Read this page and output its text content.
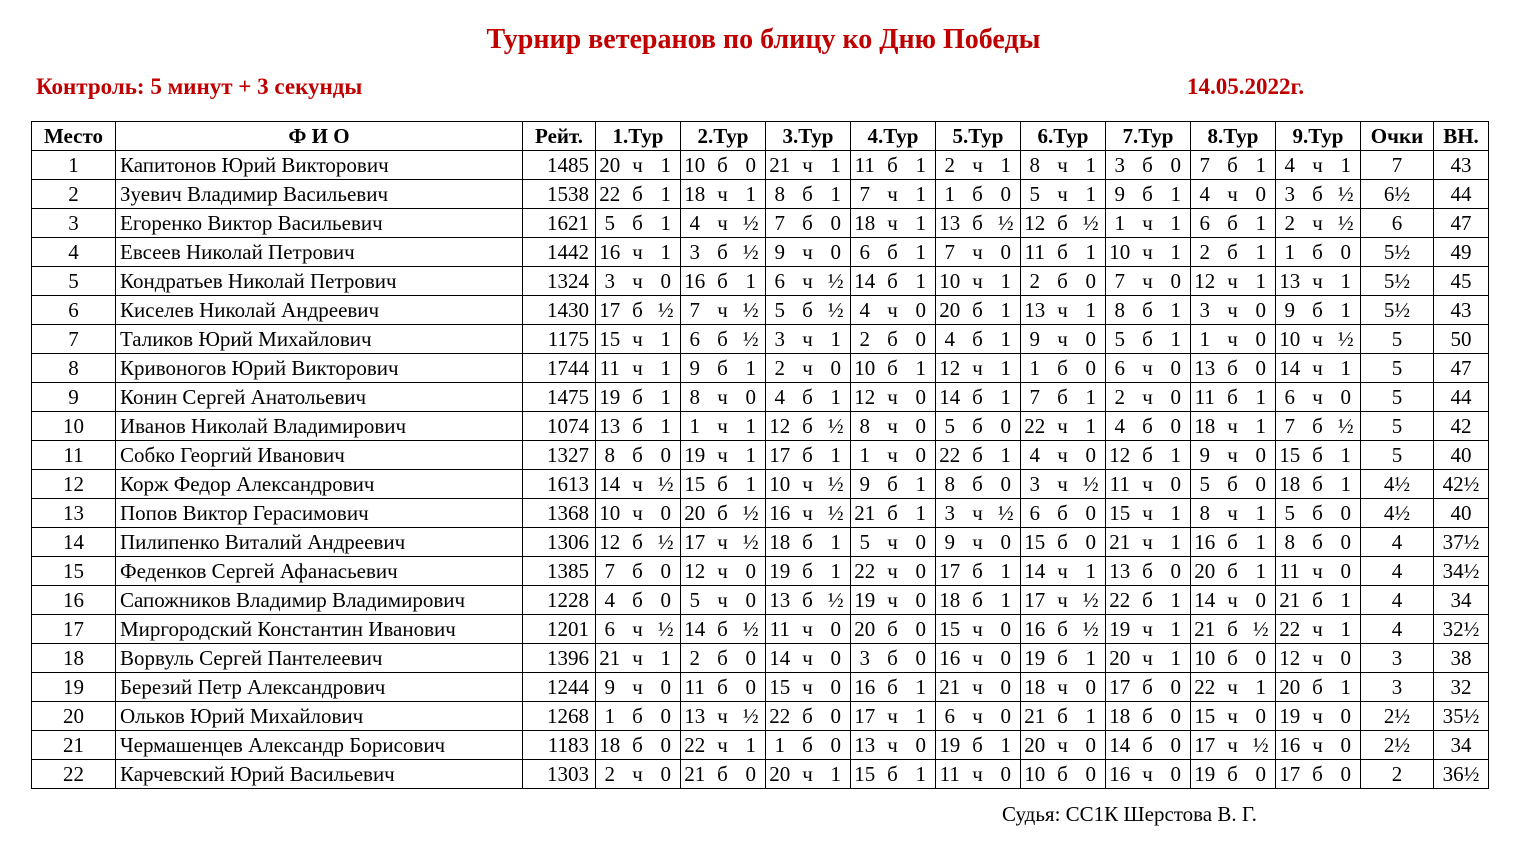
Турнир ветеранов по блицу ко Дню Победы
Контроль: 5 минут + 3 секунды	14.05.2022г.
Место	Ф И О	Рейт.	1.Тур			2.Тур			3.Тур			4.Тур			5.Тур			6.Тур			7.Тур			8.Тур			9.Тур			Очки	ВН.
1	Капитонов Юрий Викторович	1485	20	ч	1	10	б	0	21	ч	1	11	б	1	2	ч	1	8	ч	1	3	б	0	7	б	1	4	ч	1	7	43
2	Зуевич Владимир Васильевич	1538	22	б	1	18	ч	1	8	б	1	7	ч	1	1	б	0	5	ч	1	9	б	1	4	ч	0	3	б	½	6½	44
3	Егоренко Виктор Васильевич	1621	5	б	1	4	ч	½	7	б	0	18	ч	1	13	б	½	12	б	½	1	ч	1	6	б	1	2	ч	½	6	47
4	Евсеев Николай Петрович	1442	16	ч	1	3	б	½	9	ч	0	6	б	1	7	ч	0	11	б	1	10	ч	1	2	б	1	1	б	0	5½	49
5	Кондратьев Николай Петрович	1324	3	ч	0	16	б	1	6	ч	½	14	б	1	10	ч	1	2	б	0	7	ч	0	12	ч	1	13	ч	1	5½	45
6	Киселев Николай Андреевич	1430	17	б	½	7	ч	½	5	б	½	4	ч	0	20	б	1	13	ч	1	8	б	1	3	ч	0	9	б	1	5½	43
7	Таликов Юрий Михайлович	1175	15	ч	1	6	б	½	3	ч	1	2	б	0	4	б	1	9	ч	0	5	б	1	1	ч	0	10	ч	½	5	50
8	Кривоногов Юрий Викторович	1744	11	ч	1	9	б	1	2	ч	0	10	б	1	12	ч	1	1	б	0	6	ч	0	13	б	0	14	ч	1	5	47
9	Конин Сергей Анатольевич	1475	19	б	1	8	ч	0	4	б	1	12	ч	0	14	б	1	7	б	1	2	ч	0	11	б	1	6	ч	0	5	44
10	Иванов Николай Владимирович	1074	13	б	1	1	ч	1	12	б	½	8	ч	0	5	б	0	22	ч	1	4	б	0	18	ч	1	7	б	½	5	42
11	Собко Георгий Иванович	1327	8	б	0	19	ч	1	17	б	1	1	ч	0	22	б	1	4	ч	0	12	б	1	9	ч	0	15	б	1	5	40
12	Корж Федор Александрович	1613	14	ч	½	15	б	1	10	ч	½	9	б	1	8	б	0	3	ч	½	11	ч	0	5	б	0	18	б	1	4½	42½
13	Попов Виктор Герасимович	1368	10	ч	0	20	б	½	16	ч	½	21	б	1	3	ч	½	6	б	0	15	ч	1	8	ч	1	5	б	0	4½	40
14	Пилипенко Виталий Андреевич	1306	12	б	½	17	ч	½	18	б	1	5	ч	0	9	ч	0	15	б	0	21	ч	1	16	б	1	8	б	0	4	37½
15	Феденков Сергей Афанасьевич	1385	7	б	0	12	ч	0	19	б	1	22	ч	0	17	б	1	14	ч	1	13	б	0	20	б	1	11	ч	0	4	34½
16	Сапожников Владимир Владимирович	1228	4	б	0	5	ч	0	13	б	½	19	ч	0	18	б	1	17	ч	½	22	б	1	14	ч	0	21	б	1	4	34
17	Миргородский Константин Иванович	1201	6	ч	½	14	б	½	11	ч	0	20	б	0	15	ч	0	16	б	½	19	ч	1	21	б	½	22	ч	1	4	32½
18	Ворвуль Сергей Пантелеевич	1396	21	ч	1	2	б	0	14	ч	0	3	б	0	16	ч	0	19	б	1	20	ч	1	10	б	0	12	ч	0	3	38
19	Березий Петр Александрович	1244	9	ч	0	11	б	0	15	ч	0	16	б	1	21	ч	0	18	ч	0	17	б	0	22	ч	1	20	б	1	3	32
20	Ольков Юрий Михайлович	1268	1	б	0	13	ч	½	22	б	0	17	ч	1	6	ч	0	21	б	1	18	б	0	15	ч	0	19	ч	0	2½	35½
21	Чермашенцев Александр Борисович	1183	18	б	0	22	ч	1	1	б	0	13	ч	0	19	б	1	20	ч	0	14	б	0	17	ч	½	16	ч	0	2½	34
22	Карчевский Юрий Васильевич	1303	2	ч	0	21	б	0	20	ч	1	15	б	1	11	ч	0	10	б	0	16	ч	0	19	б	0	17	б	0	2	36½
Судья: СС1К Шерстова В. Г.
